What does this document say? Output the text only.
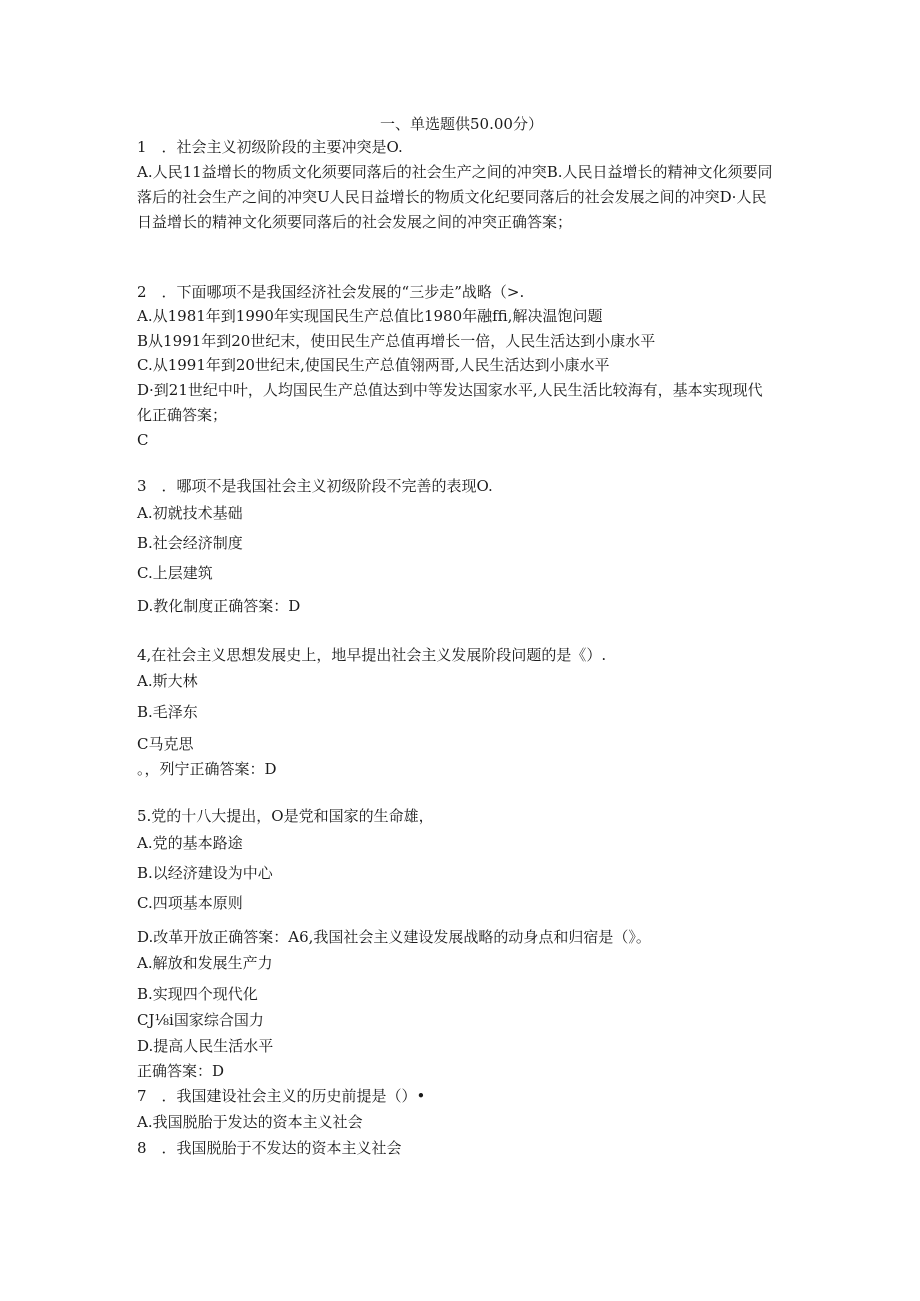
一、单选题供50.00分）
1　．社会主义初级阶段的主要冲突是O.
A.人民11益增长的物质文化须要同落后的社会生产之间的冲突B.人民日益增长的精神文化须要同
落后的社会生产之间的冲突U人民日益增长的物质文化纪要同落后的社会发展之间的冲突D·人民
日益增长的精神文化须要同落后的社会发展之间的冲突正确答案；
2　．下面哪项不是我国经济社会发展的“三步走”战略（>.
A.从1981年到1990年实现国民生产总值比1980年融fﬁ,解决温饱问题
B从1991年到20世纪末，使田民生产总值再增长一倍，人民生活达到小康水平
C.从1991年到20世纪末,使国民生产总值翎两哥,人民生活达到小康水平
D·到21世纪中叶，人均国民生产总值达到中等发达国家水平,人民生活比较海有，基本实现现代
化正确答案；
C
3　．哪项不是我国社会主义初级阶段不完善的表现O.
A.初就技术基础
B.社会经济制度
C.上层建筑
D.教化制度正确答案：D
4,在社会主义思想发展史上，地早提出社会主义发展阶段问题的是《）.
A.斯大林
B.毛泽东
C马克思
。，列宁正确答案：D
5.党的十八大提出，O是党和国家的生命雄，
A.党的基本路途
B.以经济建设为中心
C.四项基本原则
D.改革开放正确答案：A6,我国社会主义建设发展战略的动身点和归宿是（》。
A.解放和发展生产力
B.实现四个现代化
CJ⅛i国家综合国力
D.提高人民生活水平
正确答案：D
7　．我国建设社会主义的历史前提是（）•
A.我国脱胎于发达的资本主义社会
8　．我国脱胎于不发达的资本主义社会
